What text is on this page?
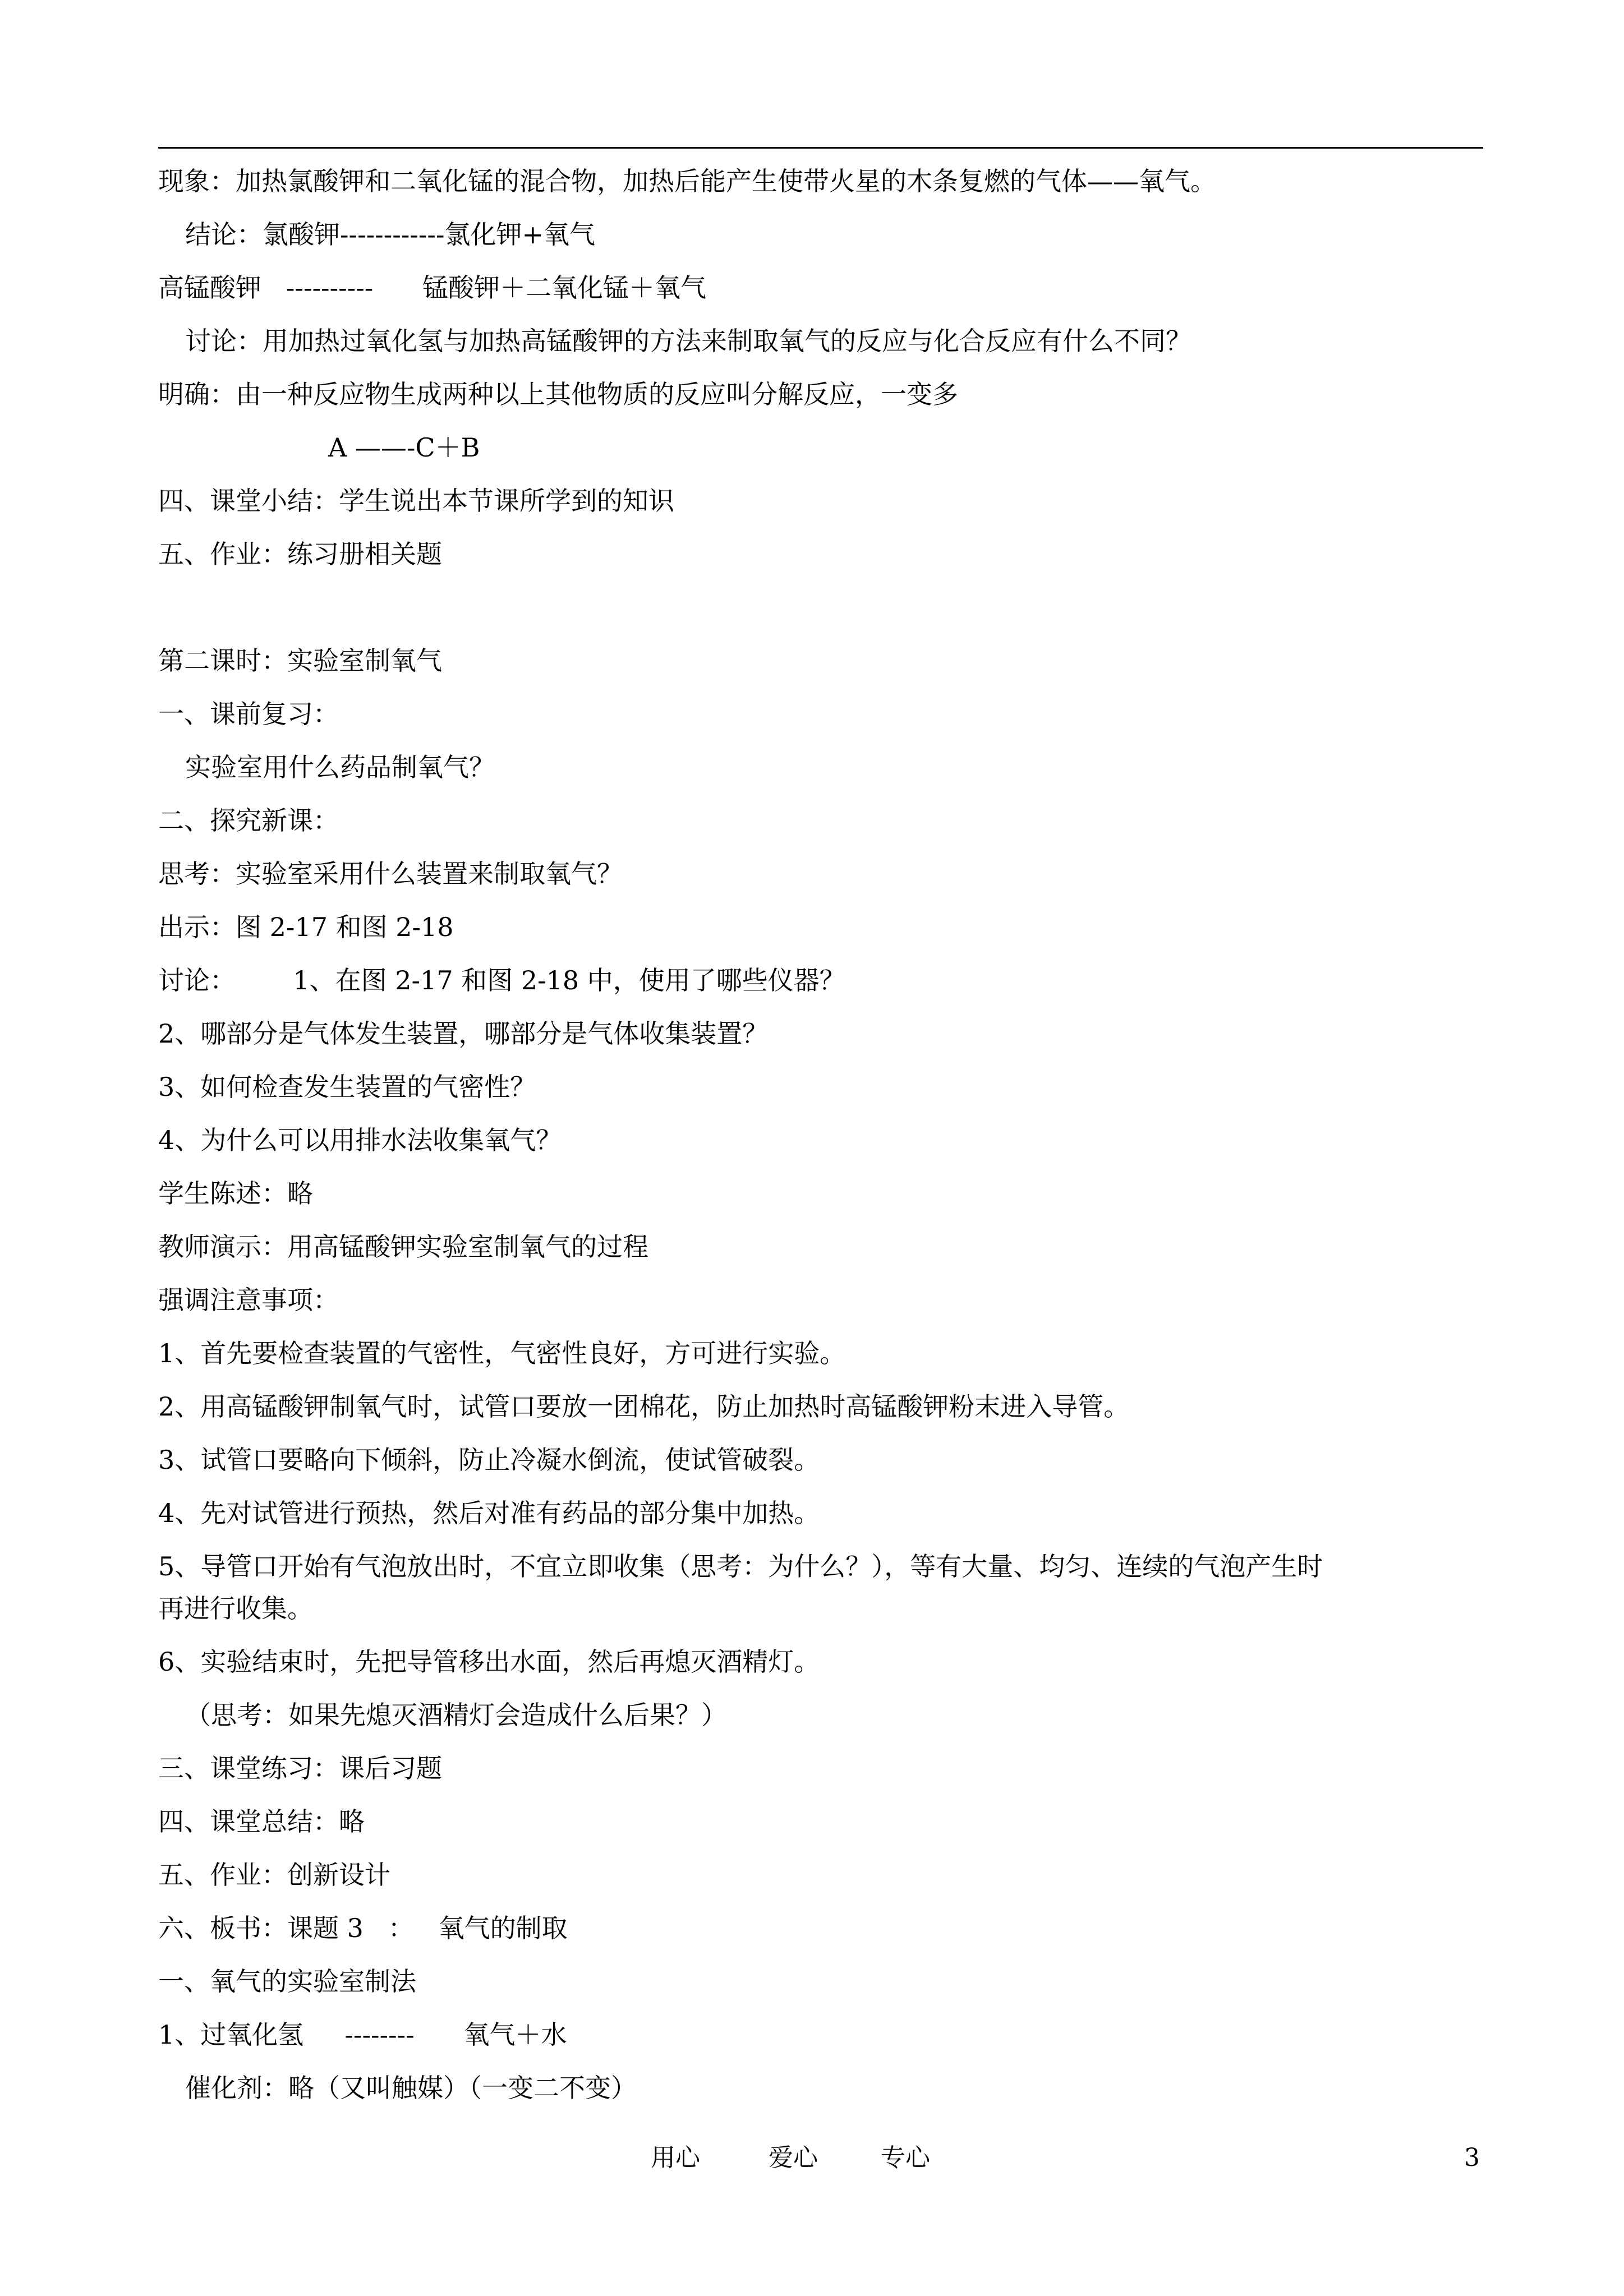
现象：加热氯酸钾和二氧化锰的混合物，加热后能产生使带火星的木条复燃的气体——氧气。
结论：氯酸钾------------氯化钾+氧气
高锰酸钾   ----------      锰酸钾＋二氧化锰＋氧气
讨论：用加热过氧化氢与加热高锰酸钾的方法来制取氧气的反应与化合反应有什么不同？
明确：由一种反应物生成两种以上其他物质的反应叫分解反应，一变多
A ——-C＋B
四、课堂小结：学生说出本节课所学到的知识
五、作业：练习册相关题
第二课时：实验室制氧气
一、课前复习：
实验室用什么药品制氧气？
二、探究新课：
思考：实验室采用什么装置来制取氧气？
出示：图 2-17 和图 2-18
讨论：       1、在图 2-17 和图 2-18 中，使用了哪些仪器？
2、哪部分是气体发生装置，哪部分是气体收集装置？
3、如何检查发生装置的气密性？
4、为什么可以用排水法收集氧气？
学生陈述：略
教师演示：用高锰酸钾实验室制氧气的过程
强调注意事项：
1、首先要检查装置的气密性，气密性良好，方可进行实验。
2、用高锰酸钾制氧气时，试管口要放一团棉花，防止加热时高锰酸钾粉末进入导管。
3、试管口要略向下倾斜，防止冷凝水倒流，使试管破裂。
4、先对试管进行预热，然后对准有药品的部分集中加热。
5、导管口开始有气泡放出时，不宜立即收集（思考：为什么？），等有大量、均匀、连续的气泡产生时
再进行收集。
6、实验结束时，先把导管移出水面，然后再熄灭酒精灯。
（思考：如果先熄灭酒精灯会造成什么后果？）
三、课堂练习：课后习题
四、课堂总结：略
五、作业：创新设计
六、板书：课题 3   ：   氧气的制取
一、氧气的实验室制法
1、过氧化氢     --------      氧气＋水
催化剂：略（又叫触媒）（一变二不变）
用心	爱心	专心	3
